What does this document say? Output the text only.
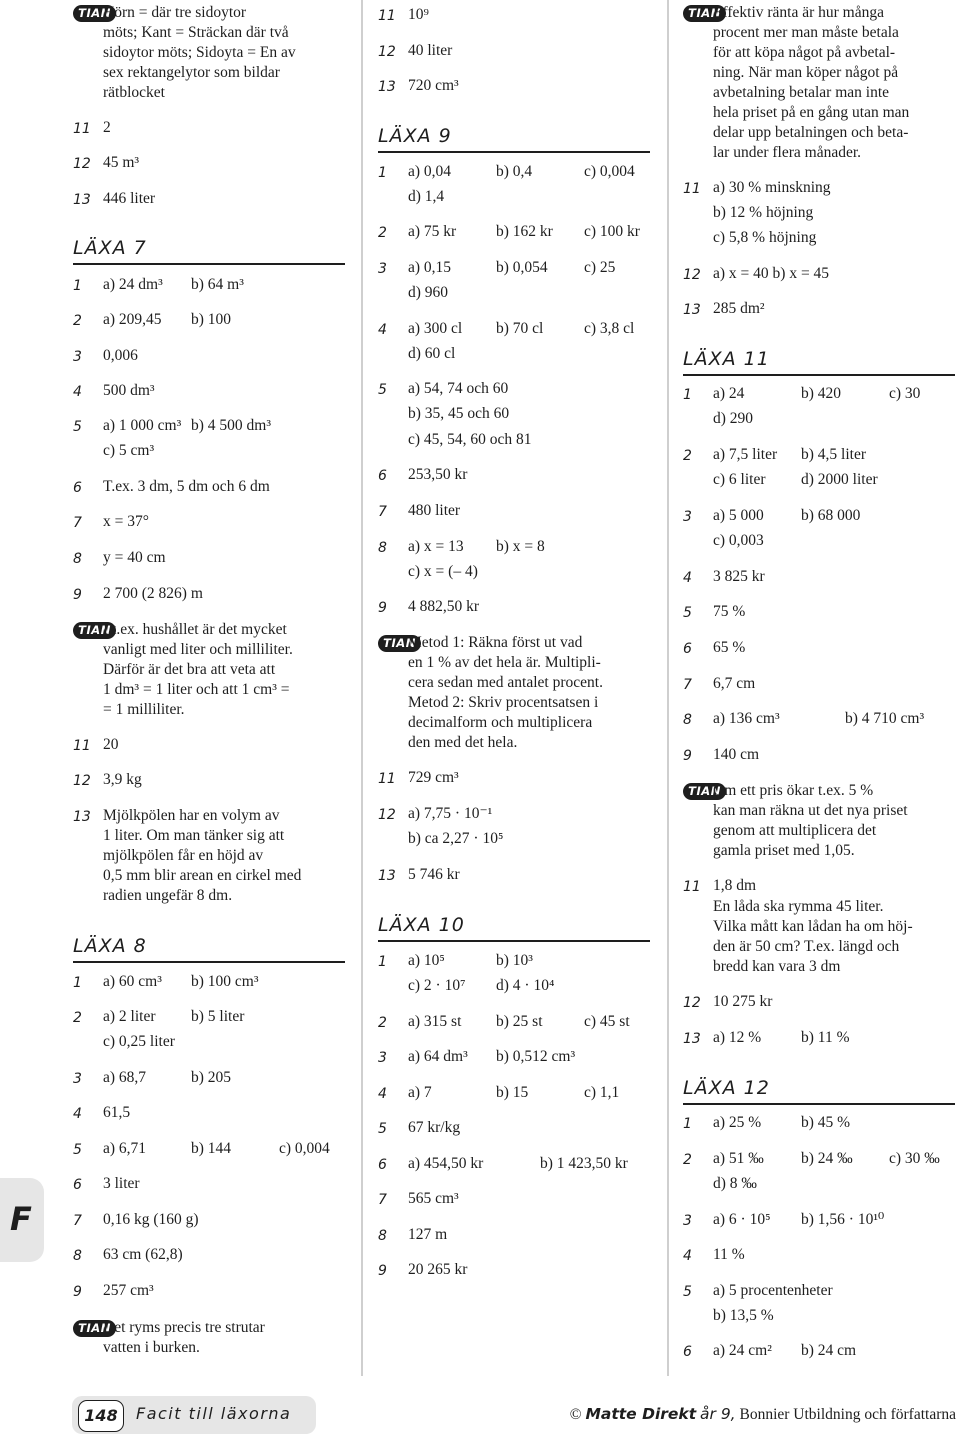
TIAN
Hörn = där tre sidoytor
möts; Kant = Sträckan där två
sidoytor möts; Sidoyta = En av
sex rektangelytor som bildar
rätblocket
11 2
12 45 m³
13 446 liter
LÄXA 7
1 a) 24 dm³ b) 64 m³
2 a) 209,45 b) 100
3 0,006
4 500 dm³
5 a) 1 000 cm³ b) 4 500 dm³
c) 5 cm³
6 T.ex. 3 dm, 5 dm och 6 dm
7 x = 37°
8 y = 40 cm
9 2 700 (2 826) m
TIAN
I t.ex. hushållet är det mycket
vanligt med liter och milliliter.
Därför är det bra att veta att
1 dm³ = 1 liter och att 1 cm³ =
= 1 milliliter.
11 20
12 3,9 kg
13 Mjölkpölen har en volym av
1 liter. Om man tänker sig att
mjölkpölen får en höjd av
0,5 mm blir arean en cirkel med
radien ungefär 8 dm.
LÄXA 8
1 a) 60 cm³ b) 100 cm³
2 a) 2 liter b) 5 liter
c) 0,25 liter
3 a) 68,7	b) 205
4 61,5
5 a) 6,71	b) 144	c) 0,004
6 3 liter
7 0,16 kg (160 g)
8 63 cm (62,8)
9 257 cm³
TIAN
Det ryms precis tre strutar
vatten i burken.
11 10⁹
12 40 liter
13 720 cm³
LÄXA 9
1 a) 0,04	b) 0,4	c) 0,004
d) 1,4
2 a) 75 kr	b) 162 kr c) 100 kr
3 a) 0,15	b) 0,054 c) 25
d) 960
4 a) 300 cl b) 70 cl	c) 3,8 cl
d) 60 cl
5 a) 54, 74 och 60
b) 35, 45 och 60
c) 45, 54, 60 och 81
6 253,50 kr
7 480 liter
8 a) x = 13 b) x = 8
c) x = (– 4)
9 4 882,50 kr
TIAN
Metod 1: Räkna först ut vad
en 1 % av det hela är. Multipli-
cera sedan med antalet procent.
Metod 2: Skriv procentsatsen i
decimalform och multiplicera
den med det hela.
11 729 cm³
12 a) 7,75 · 10⁻¹
b) ca 2,27 · 10⁵
13 5 746 kr
LÄXA 10
1 a) 10⁵	b) 10³
c) 2 · 10⁷ d) 4 · 10⁴
2 a) 315 st b) 25 st	c) 45 st
3 a) 64 dm³ b) 0,512 cm³
4 a) 7	b) 15	c) 1,1
5 67 kr/kg
6 a) 454,50 kr	b) 1 423,50 kr
7 565 cm³
8 127 m
9 20 265 kr
TIAN
Effektiv ränta är hur många
procent mer man måste betala
för att köpa något på avbetal-
ning. När man köper något på
avbetalning betalar man inte
hela priset på en gång utan man
delar upp betalningen och beta-
lar under flera månader.
11 a) 30 % minskning
b) 12 % höjning
c) 5,8 % höjning
12 a) x = 40 b) x = 45
13 285 dm²
LÄXA 11
1 a) 24	b) 420	c) 30
d) 290
2 a) 7,5 liter b) 4,5 liter
c) 6 liter d) 2000 liter
3 a) 5 000 b) 68 000
c) 0,003
4 3 825 kr
5 75 %
6 65 %
7 6,7 cm
8 a) 136 cm³	b) 4 710 cm³
9 140 cm
TIAN
Om ett pris ökar t.ex. 5 %
kan man räkna ut det nya priset
genom att multiplicera det
gamla priset med 1,05.
11 1,8 dm
En låda ska rymma 45 liter.
Vilka mått kan lådan ha om höj-
den är 50 cm? T.ex. längd och
bredd kan vara 3 dm
12 10 275 kr
13 a) 12 %	b) 11 %
LÄXA 12
1 a) 25 %	b) 45 %
2 a) 51 ‰ b) 24 ‰ c) 30 ‰
d) 8 ‰
3 a) 6 · 10⁵ b) 1,56 · 10¹⁰
4 11 %
5 a) 5 procentenheter
b) 13,5 %
6 a) 24 cm² b) 24 cm
F
148	Facit till läxorna	© Matte Direkt år 9, Bonnier Utbildning och författarna
